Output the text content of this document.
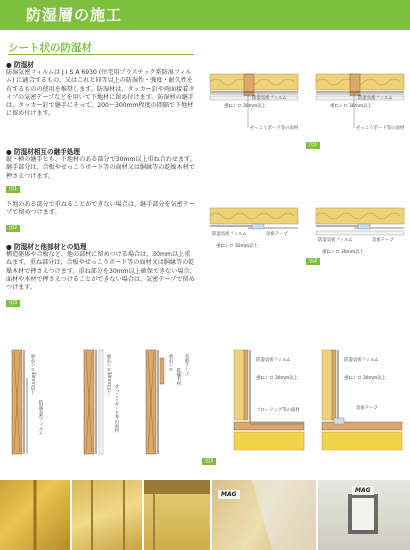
防湿層の施工
シート状の防湿材
● 防湿材
防湿気密フィルムは J I S A 6930 (住宅用プラスチック系防湿フィルム) に適合するもの、又はこれと同等以上の防湿性・強度・耐久性を有するものの使用を推奨します。防湿材は、タッカー釘や両面接着タイプの気密テープなどを用いて下地材に留め付けます。防湿材の継手は、タッカー釘で継手にそって、200～300mm程度の間隔で下地材に留め付けます。
● 防湿材相互の継手処理
縦・横の継手とも、下地材のある部分で30mm以上重ね合わせます。継手部分は、合板やせっこうボード等の面材又は胴縁等の乾燥木材で押さえつけます。
図1
下地のある部分で重ねることができない場合は、継手部分を気密テープで留めつけます。
図2
● 防湿材と他部材との処理
構造躯体や合板など、他の部材に留めつける場合は、30mm以上重ねます。重ね部分は、合板やせっこうボード等の面材又は胴縁等の乾燥木材で押さえつけます。重ね部分を30mm以上確保できない場合、面材や木材で押さえつけることができない場合は、気密テープで留めつけます。
図3
防湿気密フィルム
重ねシロ 30mm以上
せっこうボード等の面材
防湿気密フィルム
重ねシロ 30mm以上
せっこうボード等の面材
図1
防湿気密フィルム
重ねシロ 30mm以上
気密テープ
防湿気密フィルム
重ねシロ 30mm以上
気密テープ
図2
重ねシロ30mm以上
防湿気密フィルム
重ねシロ30mm以上
せっこうボード等の面材
重ねシロ
乾燥木材
気密テープ	防湿気密フィルム
重ねシロ 30mm以上
フローリング等の面材
防湿気密フィルム
重ねシロ 30mm以上
気密テープ
図3
MAG
MAG
